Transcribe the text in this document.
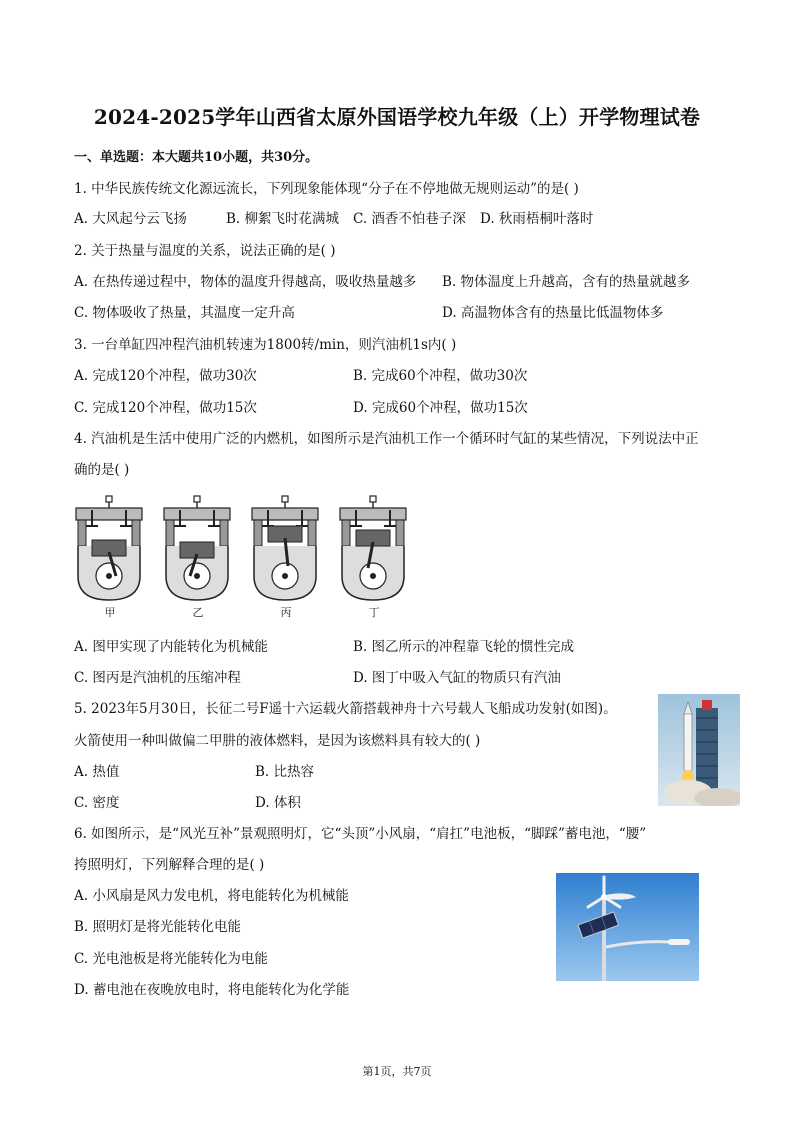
2024-2025学年山西省太原外国语学校九年级（上）开学物理试卷
一、单选题：本大题共10小题，共30分。
1. 中华民族传统文化源远流长，下列现象能体现“分子在不停地做无规则运动”的是( )
A. 大风起兮云飞扬	B. 柳絮飞时花满城 C. 酒香不怕巷子深 D. 秋雨梧桐叶落时
2. 关于热量与温度的关系，说法正确的是( )
A. 在热传递过程中，物体的温度升得越高，吸收热量越多 B. 物体温度上升越高，含有的热量就越多
C. 物体吸收了热量，其温度一定升高	D. 高温物体含有的热量比低温物体多
3. 一台单缸四冲程汽油机转速为1800转/min，则汽油机1s内( )
A. 完成120个冲程，做功30次	B. 完成60个冲程，做功30次
C. 完成120个冲程，做功15次	D. 完成60个冲程，做功15次
4. 汽油机是生活中使用广泛的内燃机，如图所示是汽油机工作一个循环时气缸的某些情况，下列说法中正
确的是( )
甲	乙	丙	丁
A. 图甲实现了内能转化为机械能	B. 图乙所示的冲程靠飞轮的惯性完成
C. 图丙是汽油机的压缩冲程	D. 图丁中吸入气缸的物质只有汽油
5. 2023年5月30日，长征二号F遥十六运载火箭搭载神舟十六号载人飞船成功发射(如图)。
火箭使用一种叫做偏二甲肼的液体燃料，是因为该燃料具有较大的( )
A. 热值	B. 比热容
C. 密度	D. 体积
6. 如图所示，是“风光互补”景观照明灯，它“头顶”小风扇，“肩扛”电池板，“脚踩”蓄电池，“腰”
挎照明灯，下列解释合理的是( )
A. 小风扇是风力发电机，将电能转化为机械能
B. 照明灯是将光能转化电能
C. 光电池板是将光能转化为电能
D. 蓄电池在夜晚放电时，将电能转化为化学能
第1页，共7页
